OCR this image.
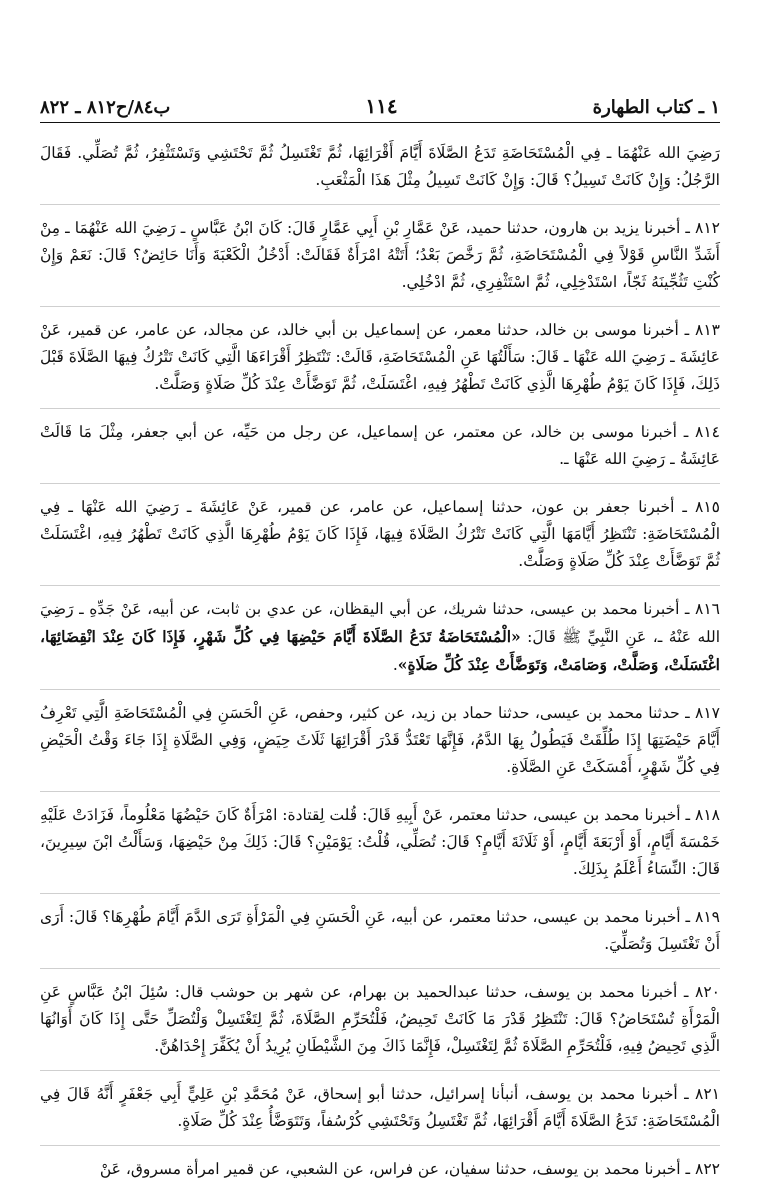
ب٨٤/ح٨١٢ ـ ٨٢٢	١١٤	١ ـ كتاب الطهارة

رَضِيَ الله عَنْهُمَا ـ فِي الْمُسْتَحَاضَةِ تَدَعُ الصَّلَاةَ أَيَّامَ أَقْرَائِهَا، ثُمَّ تَغْتَسِلُ ثُمَّ تَحْتَشِي وَتَسْتَثْفِرُ، ثُمَّ تُصَلِّي. فَقَالَ الرَّجُلُ: وَإِنْ كَانَتْ تَسِيلُ؟ قَالَ: وَإِنْ كَانَتْ تَسِيلُ مِثْلَ هَذَا الْمَثْعَبِ.

٨١٢ ـ أخبرنا يزيد بن هارون، حدثنا حميد، عَنْ عَمَّارِ بْنِ أَبِي عَمَّارٍ قَالَ: كَانَ ابْنُ عَبَّاسٍ ـ رَضِيَ الله عَنْهُمَا ـ مِنْ أَشَدِّ النَّاسِ قَوْلاً فِي الْمُسْتَحَاضَةِ، ثُمَّ رَخَّصَ بَعْدُ؛ أَتَتْهُ امْرَأَةٌ فَقَالَتْ: أَدْخُلُ الْكَعْبَةَ وَأَنَا حَائِضٌ؟ قَالَ: نَعَمْ وَإِنْ كُنْتِ تَثُجِّينَهُ ثَجّاً، اسْتَدْخِلِي، ثُمَّ اسْتَثْفِرِي، ثُمَّ ادْخُلِي.

٨١٣ ـ أخبرنا موسى بن خالد، حدثنا معمر، عن إسماعيل بن أبي خالد، عن مجالد، عن عامر، عن قمير، عَنْ عَائِشَةَ ـ رَضِيَ الله عَنْهَا ـ قَالَ: سَأَلْتُهَا عَنِ الْمُسْتَحَاضَةِ، قَالَتْ: تَنْتَظِرُ أَقْرَاءَهَا الَّتِي كَانَتْ تَتْرُكُ فِيهَا الصَّلَاةَ قَبْلَ ذَلِكَ، فَإِذَا كَانَ يَوْمُ طُهْرِهَا الَّذِي كَانَتْ تَطْهُرُ فِيهِ، اغْتَسَلَتْ، ثُمَّ تَوَضَّأَتْ عِنْدَ كُلِّ صَلَاةٍ وَصَلَّتْ.

٨١٤ ـ أخبرنا موسى بن خالد، عن معتمر، عن إسماعيل، عن رجل من حَيِّه، عن أبي جعفر، مِثْلَ مَا قَالَتْ عَائِشَةُ ـ رَضِيَ الله عَنْهَا ـ.

٨١٥ ـ أخبرنا جعفر بن عون، حدثنا إسماعيل، عن عامر، عن قمير، عَنْ عَائِشَةَ ـ رَضِيَ الله عَنْهَا ـ فِي الْمُسْتَحَاضَةِ: تَنْتَظِرُ أَيَّامَهَا الَّتِي كَانَتْ تَتْرُكُ الصَّلَاةَ فِيهَا، فَإِذَا كَانَ يَوْمُ طُهْرِهَا الَّذِي كَانَتْ تَطْهُرُ فِيهِ، اغْتَسَلَتْ ثُمَّ تَوَضَّأَتْ عِنْدَ كُلِّ صَلَاةٍ وَصَلَّتْ.

٨١٦ ـ أخبرنا محمد بن عيسى، حدثنا شريك، عن أبي اليقظان، عن عدي بن ثابت، عن أبيه، عَنْ جَدِّهِ ـ رَضِيَ الله عَنْهُ ـ، عَنِ النَّبِيِّ ﷺ قَالَ: «الْمُسْتَحَاضَةُ تَدَعُ الصَّلَاةَ أَيَّامَ حَيْضِهَا فِي كُلِّ شَهْرٍ، فَإِذَا كَانَ عِنْدَ انْقِضَائِهَا، اغْتَسَلَتْ، وَصَلَّتْ، وَصَامَتْ، وَتَوَضَّأَتْ عِنْدَ كُلِّ صَلَاةٍ».

٨١٧ ـ حدثنا محمد بن عيسى، حدثنا حماد بن زيد، عن كثير، وحفص، عَنِ الْحَسَنِ فِي الْمُسْتَحَاضَةِ الَّتِي تَعْرِفُ أَيَّامَ حَيْضَتِهَا إِذَا طُلِّقَتْ فَيَطُولُ بِهَا الدَّمُ، فَإِنَّهَا تَعْتَدُّ قَدْرَ أَقْرَائِهَا ثَلَاثَ حِيَضٍ، وَفِي الصَّلَاةِ إِذَا جَاءَ وَقْتُ الْحَيْضِ فِي كُلِّ شَهْرٍ، أَمْسَكَتْ عَنِ الصَّلَاةِ.

٨١٨ ـ أخبرنا محمد بن عيسى، حدثنا معتمر، عَنْ أَبِيهِ قَالَ: قُلت لِقتادة: امْرَأَةٌ كَانَ حَيْضُهَا مَعْلُوماً، فَزَادَتْ عَلَيْهِ خَمْسَةَ أَيَّامٍ، أَوْ أَرْبَعَةَ أَيَّامٍ، أَوْ ثَلَاثَةَ أَيَّامٍ؟ قَالَ: تُصَلِّي، قُلْتُ: يَوْمَيْنِ؟ قَالَ: ذَلِكَ مِنْ حَيْضِهَا، وَسَأَلْتُ ابْنَ سِيرِينَ، قَالَ: النِّسَاءُ أَعْلَمُ بِذَلِكَ.

٨١٩ ـ أخبرنا محمد بن عيسى، حدثنا معتمر، عن أبيه، عَنِ الْحَسَنِ فِي الْمَرْأَةِ تَرَى الدَّمَ أَيَّامَ طُهْرِهَا؟ قَالَ: أَرَى أَنْ تَغْتَسِلَ وَتُصَلِّيَ.

٨٢٠ ـ أخبرنا محمد بن يوسف، حدثنا عبدالحميد بن بهرام، عن شهر بن حوشب قال: سُئِلَ ابْنُ عَبَّاسٍ عَنِ الْمَرْأَةِ تُسْتَحَاضُ؟ قَالَ: تَنْتَظِرُ قَدْرَ مَا كَانَتْ تَحِيضُ، فَلْتُحَرِّمِ الصَّلَاةَ، ثُمَّ لِتَغْتَسِلْ وَلْتُصَلِّ حَتَّى إِذَا كَانَ أَوَانُهَا الَّذِي تَحِيضُ فِيهِ، فَلْتُحَرِّمِ الصَّلَاةَ ثُمَّ لِتَغْتَسِلْ، فَإِنَّمَا ذَاكَ مِنَ الشَّيْطَانِ يُرِيدُ أَنْ يُكَفِّرَ إِحْدَاهُنَّ.

٨٢١ ـ أخبرنا محمد بن يوسف، أنبأنا إسرائيل، حدثنا أبو إسحاق، عَنْ مُحَمَّدِ بْنِ عَلِيٍّ أَبِي جَعْفَرٍ أَنَّهُ قَالَ فِي الْمُسْتَحَاضَةِ: تَدَعُ الصَّلَاةَ أَيَّامَ أَقْرَائِهَا، ثُمَّ تَغْتَسِلُ وَتَحْتَشِي كُرْسُفاً، وَتَتَوَضَّأُ عِنْدَ كُلِّ صَلَاةٍ.

٨٢٢ ـ أخبرنا محمد بن يوسف، حدثنا سفيان، عن فراس، عن الشعبي، عن قمير امرأة مسروق، عَنْ
